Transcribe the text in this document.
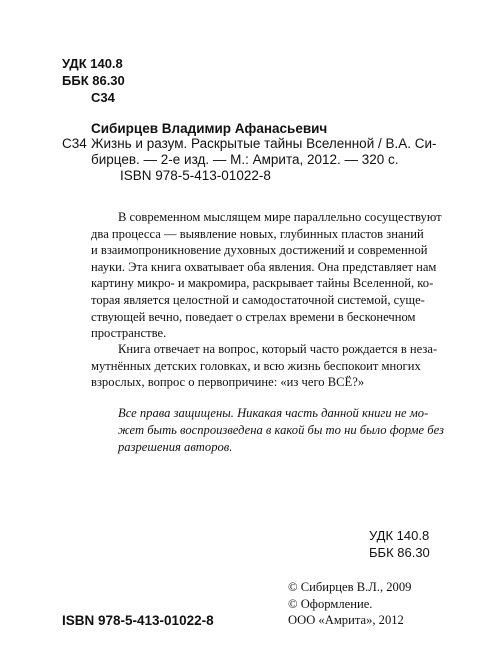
УДК 140.8
ББК 86.30
С34
Сибирцев Владимир Афанасьевич
С34 Жизнь и разум. Раскрытые тайны Вселенной / В.А. Си-
бирцев. — 2-е изд. — М.: Амрита, 2012. — 320 с.
ISBN 978-5-413-01022-8
В современном мыслящем мире параллельно сосуществуют
два процесса — выявление новых, глубинных пластов знаний
и взаимопроникновение духовных достижений и современной
науки. Эта книга охватывает оба явления. Она представляет нам
картину микро- и макромира, раскрывает тайны Вселенной, ко-
торая является целостной и самодостаточной системой, суще-
ствующей вечно, поведает о стрелах времени в бесконечном
пространстве.
Книга отвечает на вопрос, который часто рождается в неза-
мутнённых детских головках, и всю жизнь беспокоит многих
взрослых, вопрос о первопричине: «из чего ВСЁ?»
Все права защищены. Никакая часть данной книги не мо-
жет быть воспроизведена в какой бы то ни было форме без
разрешения авторов.
УДК 140.8
ББК 86.30
ISBN 978-5-413-01022-8
© Сибирцев В.Л., 2009
© Оформление.
ООО «Амрита», 2012
